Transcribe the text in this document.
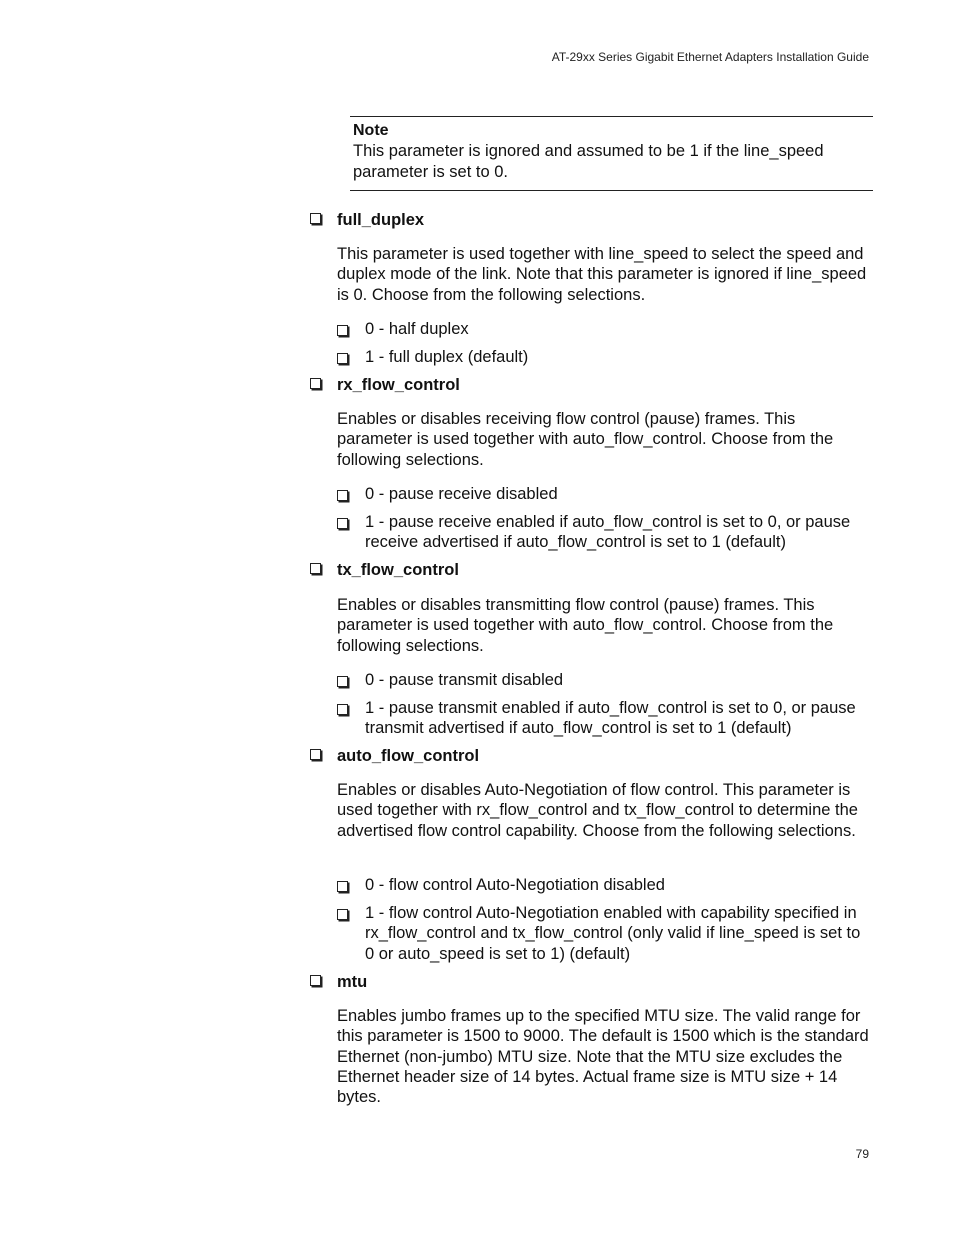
AT-29xx Series Gigabit Ethernet Adapters Installation Guide
Note
This parameter is ignored and assumed to be 1 if the line_speed parameter is set to 0.
full_duplex
This parameter is used together with line_speed to select the speed and duplex mode of the link. Note that this parameter is ignored if line_speed is 0. Choose from the following selections.
0 - half duplex
1 - full duplex (default)
rx_flow_control
Enables or disables receiving flow control (pause) frames. This parameter is used together with auto_flow_control. Choose from the following selections.
0 - pause receive disabled
1 - pause receive enabled if auto_flow_control is set to 0, or pause receive advertised if auto_flow_control is set to 1 (default)
tx_flow_control
Enables or disables transmitting flow control (pause) frames. This parameter is used together with auto_flow_control. Choose from the following selections.
0 - pause transmit disabled
1 - pause transmit enabled if auto_flow_control is set to 0, or pause transmit advertised if auto_flow_control is set to 1 (default)
auto_flow_control
Enables or disables Auto-Negotiation of flow control. This parameter is used together with rx_flow_control and tx_flow_control to determine the advertised flow control capability. Choose from the following selections.
0 - flow control Auto-Negotiation disabled
1 - flow control Auto-Negotiation enabled with capability specified in rx_flow_control and tx_flow_control (only valid if line_speed is set to 0 or auto_speed is set to 1) (default)
mtu
Enables jumbo frames up to the specified MTU size. The valid range for this parameter is 1500 to 9000. The default is 1500 which is the standard Ethernet (non-jumbo) MTU size. Note that the MTU size excludes the Ethernet header size of 14 bytes. Actual frame size is MTU size + 14 bytes.
79
